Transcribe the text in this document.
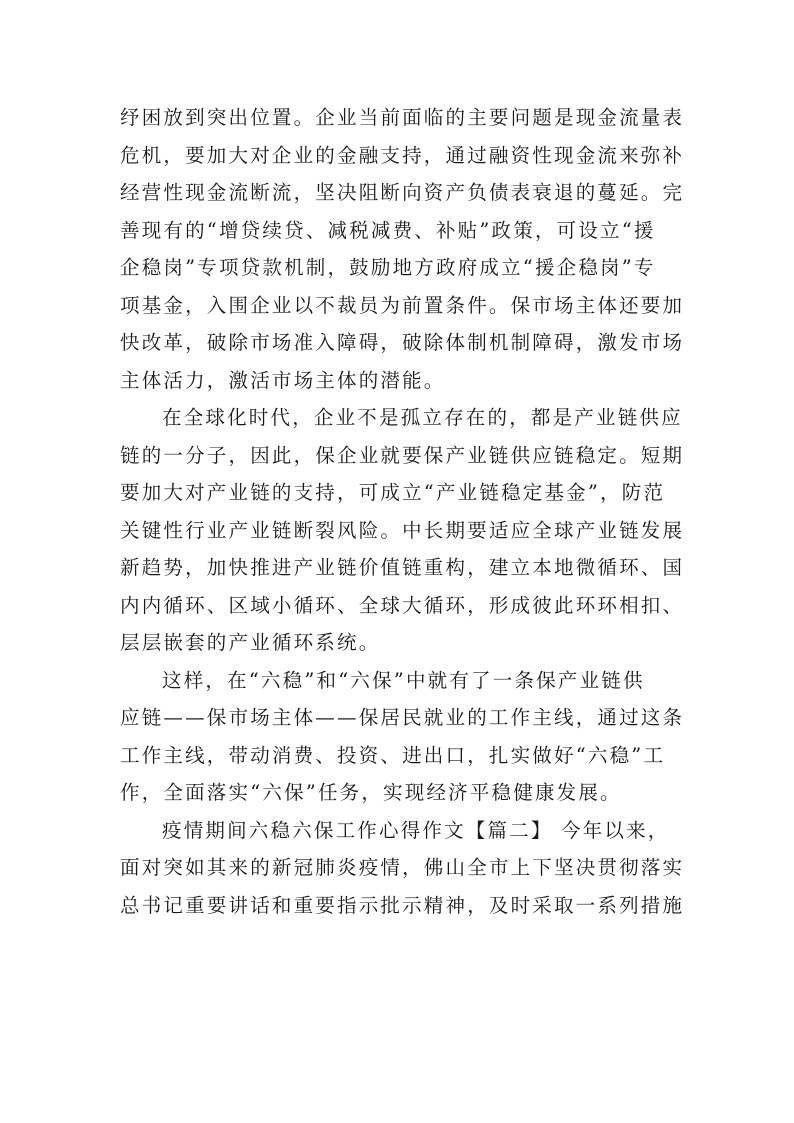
纾困放到突出位置。企业当前面临的主要问题是现金流量表
危机，要加大对企业的金融支持，通过融资性现金流来弥补
经营性现金流断流，坚决阻断向资产负债表衰退的蔓延。完
善现有的“增贷续贷、减税减费、补贴”政策，可设立“援
企稳岗”专项贷款机制，鼓励地方政府成立“援企稳岗”专
项基金，入围企业以不裁员为前置条件。保市场主体还要加
快改革，破除市场准入障碍，破除体制机制障碍，激发市场
主体活力，激活市场主体的潜能。
在全球化时代，企业不是孤立存在的，都是产业链供应
链的一分子，因此，保企业就要保产业链供应链稳定。短期
要加大对产业链的支持，可成立“产业链稳定基金”，防范
关键性行业产业链断裂风险。中长期要适应全球产业链发展
新趋势，加快推进产业链价值链重构，建立本地微循环、国
内内循环、区域小循环、全球大循环，形成彼此环环相扣、
层层嵌套的产业循环系统。
这样，在“六稳”和“六保”中就有了一条保产业链供
应链——保市场主体——保居民就业的工作主线，通过这条
工作主线，带动消费、投资、进出口，扎实做好“六稳”工
作，全面落实“六保”任务，实现经济平稳健康发展。
疫情期间六稳六保工作心得作文【篇二】 今年以来，
面对突如其来的新冠肺炎疫情，佛山全市上下坚决贯彻落实
总书记重要讲话和重要指示批示精神，及时采取一系列措施
